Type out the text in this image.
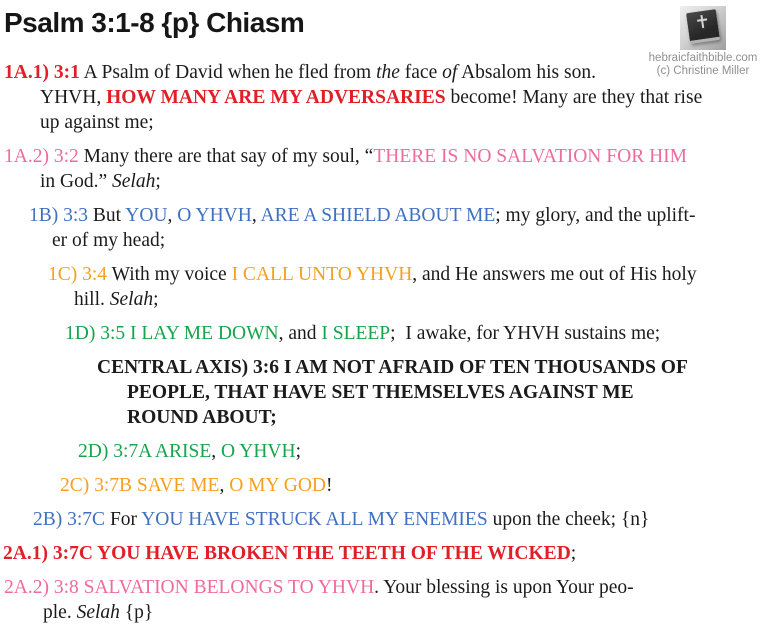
Psalm 3:1-8 {p} Chiasm
hebraicfaithbible.com
(c) Christine Miller
1A.1) 3:1 A Psalm of David when he fled from the face of Absalom his son.
YHVH, HOW MANY ARE MY ADVERSARIES become! Many are they that rise
up against me;
1A.2) 3:2 Many there are that say of my soul, “THERE IS NO SALVATION FOR HIM
in God.” Selah;
1B) 3:3 But YOU, O YHVH, ARE A SHIELD ABOUT ME; my glory, and the uplift-
er of my head;
1C) 3:4 With my voice I CALL UNTO YHVH, and He answers me out of His holy
hill. Selah;
1D) 3:5 I LAY ME DOWN, and I SLEEP;  I awake, for YHVH sustains me;
CENTRAL AXIS) 3:6 I AM NOT AFRAID OF TEN THOUSANDS OF
PEOPLE, THAT HAVE SET THEMSELVES AGAINST ME
ROUND ABOUT;
2D) 3:7A ARISE, O YHVH;
2C) 3:7B SAVE ME, O MY GOD!
2B) 3:7C For YOU HAVE STRUCK ALL MY ENEMIES upon the cheek; {n}
2A.1) 3:7C YOU HAVE BROKEN THE TEETH OF THE WICKED;
2A.2) 3:8 SALVATION BELONGS TO YHVH. Your blessing is upon Your peo-
ple. Selah {p}
